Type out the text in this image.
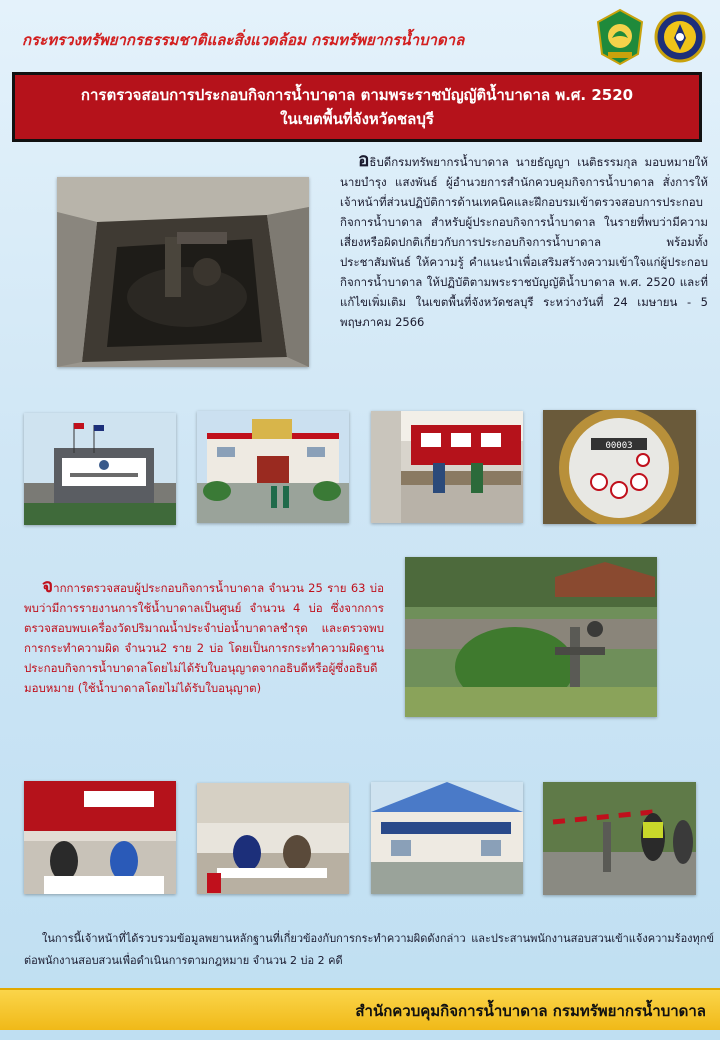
กระทรวงทรัพยากรธรรมชาติและสิ่งแวดล้อม กรมทรัพยากรน้ำบาดาล
การตรวจสอบการประกอบกิจการน้ำบาดาล ตามพระราชบัญญัติน้ำบาดาล พ.ศ. 2520
ในเขตพื้นที่จังหวัดชลบุรี
อธิบดีกรมทรัพยากรน้ำบาดาล นายธัญญา เนติธรรมกุล มอบหมายให้ นายบำรุง แสงพันธ์ ผู้อำนวยการสำนักควบคุมกิจการน้ำบาดาล สั่งการให้เจ้าหน้าที่ส่วนปฏิบัติการด้านเทคนิคและฝึกอบรมเข้าตรวจสอบการประกอบกิจการน้ำบาดาล สำหรับผู้ประกอบกิจการน้ำบาดาล ในรายที่พบว่ามีความเสี่ยงหรือผิดปกติเกี่ยวกับการประกอบกิจการน้ำบาดาล พร้อมทั้งประชาสัมพันธ์ ให้ความรู้ คำแนะนำเพื่อเสริมสร้างความเข้าใจแก่ผู้ประกอบกิจการน้ำบาดาล ให้ปฏิบัติตามพระราชบัญญัติน้ำบาดาล พ.ศ. 2520 และที่แก้ไขเพิ่มเติม ในเขตพื้นที่จังหวัดชลบุรี ระหว่างวันที่ 24 เมษายน - 5 พฤษภาคม 2566
00003
จากการตรวจสอบผู้ประกอบกิจการน้ำบาดาล จำนวน 25 ราย 63 บ่อ พบว่ามีการรายงานการใช้น้ำบาดาลเป็นศูนย์ จำนวน 4 บ่อ ซึ่งจากการตรวจสอบพบเครื่องวัดปริมาณน้ำประจำบ่อน้ำบาดาลชำรุด และตรวจพบการกระทำความผิด จำนวน2 ราย 2 บ่อ โดยเป็นการกระทำความผิดฐานประกอบกิจการน้ำบาดาลโดยไม่ได้รับใบอนุญาตจากอธิบดีหรือผู้ซึ่งอธิบดีมอบหมาย (ใช้น้ำบาดาลโดยไม่ได้รับใบอนุญาต)
ในการนี้เจ้าหน้าที่ได้รวบรวมข้อมูลพยานหลักฐานที่เกี่ยวข้องกับการกระทำความผิดดังกล่าว และประสานพนักงานสอบสวนเข้าแจ้งความร้องทุกข์ต่อพนักงานสอบสวนเพื่อดำเนินการตามกฎหมาย จำนวน 2 บ่อ 2 คดี
สำนักควบคุมกิจการน้ำบาดาล กรมทรัพยากรน้ำบาดาล
